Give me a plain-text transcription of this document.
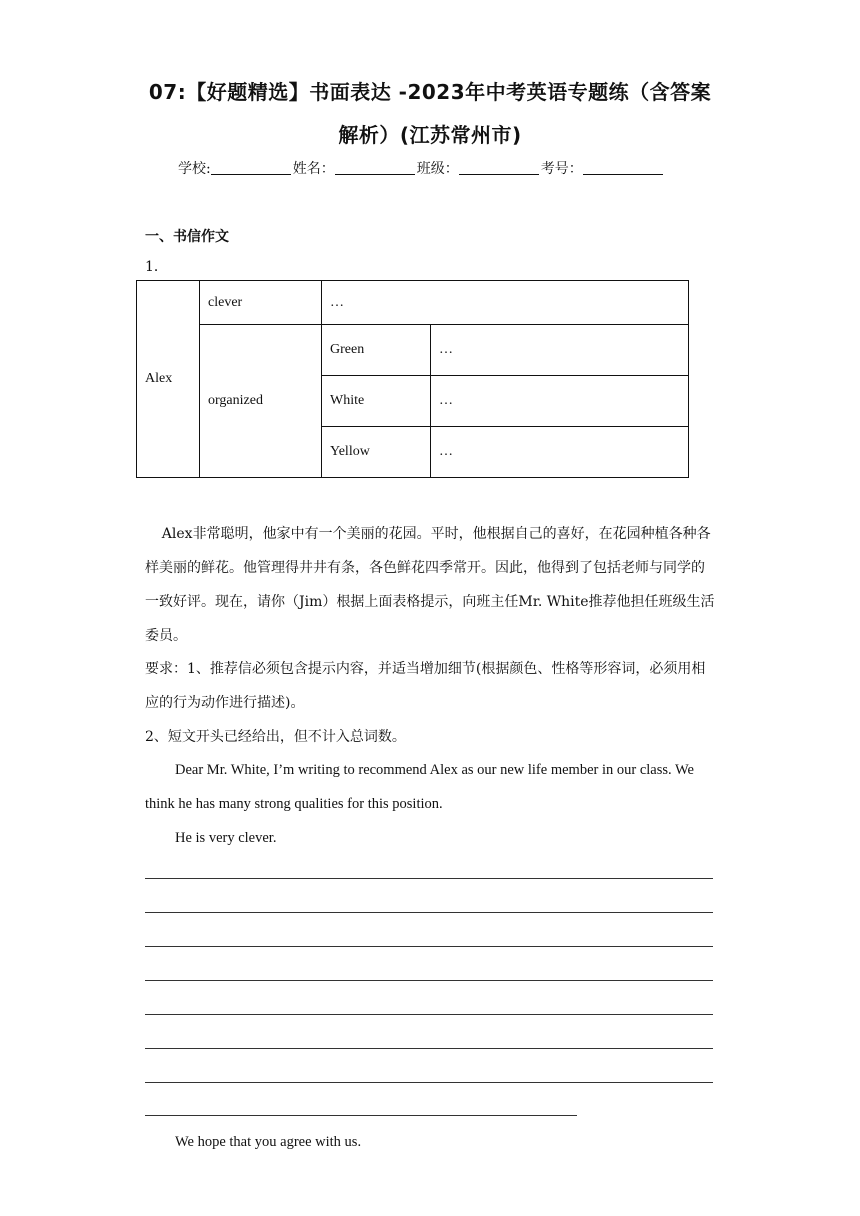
07:【好题精选】书面表达 -2023年中考英语专题练（含答案
解析）(江苏常州市)
学校:	姓名：	班级：	考号：
一、书信作文
1．
Alex	clever	…	
	organized	Green	…
		White	…
		Yellow	…
Alex非常聪明，他家中有一个美丽的花园。平时，他根据自己的喜好，在花园种植各种各样美丽的鲜花。他管理得井井有条，各色鲜花四季常开。因此，他得到了包括老师与同学的一致好评。现在，请你（Jim）根据上面表格提示，向班主任Mr. White推荐他担任班级生活委员。
要求：1、推荐信必须包含提示内容，并适当增加细节(根据颜色、性格等形容词，必须用相应的行为动作进行描述)。
2、短文开头已经给出，但不计入总词数。
Dear Mr. White, I’m writing to recommend Alex as our new life member in our class. We think he has many strong qualities for this position.
He is very clever.
We hope that you agree with us.
